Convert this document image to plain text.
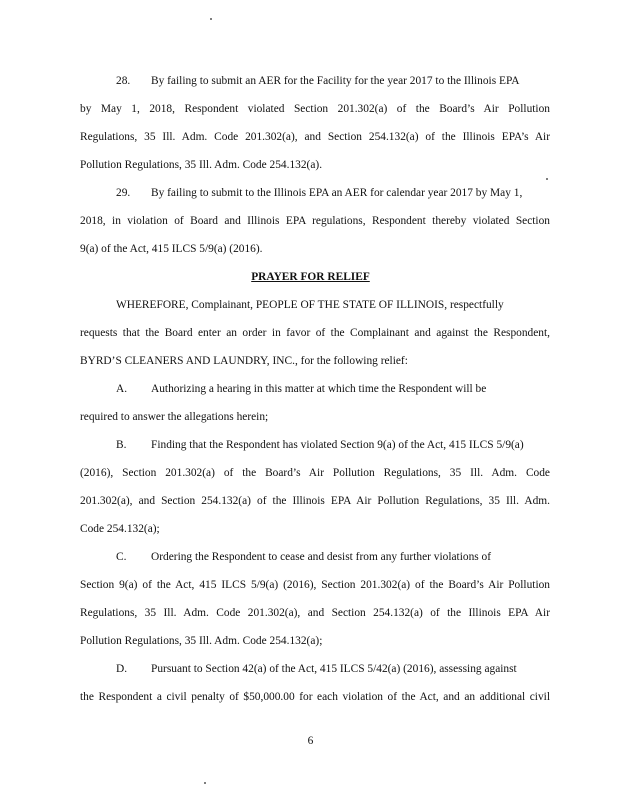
28. By failing to submit an AER for the Facility for the year 2017 to the Illinois EPA
by May 1, 2018, Respondent violated Section 201.302(a) of the Board’s Air Pollution
Regulations, 35 Ill. Adm. Code 201.302(a), and Section 254.132(a) of the Illinois EPA’s Air
Pollution Regulations, 35 Ill. Adm. Code 254.132(a).
29. By failing to submit to the Illinois EPA an AER for calendar year 2017 by May 1,
2018, in violation of Board and Illinois EPA regulations, Respondent thereby violated Section
9(a) of the Act, 415 ILCS 5/9(a) (2016).
PRAYER FOR RELIEF
WHEREFORE, Complainant, PEOPLE OF THE STATE OF ILLINOIS, respectfully
requests that the Board enter an order in favor of the Complainant and against the Respondent,
BYRD’S CLEANERS AND LAUNDRY, INC., for the following relief:
A. Authorizing a hearing in this matter at which time the Respondent will be
required to answer the allegations herein;
B. Finding that the Respondent has violated Section 9(a) of the Act, 415 ILCS 5/9(a)
(2016), Section 201.302(a) of the Board’s Air Pollution Regulations, 35 Ill. Adm. Code
201.302(a), and Section 254.132(a) of the Illinois EPA Air Pollution Regulations, 35 Ill. Adm.
Code 254.132(a);
C. Ordering the Respondent to cease and desist from any further violations of
Section 9(a) of the Act, 415 ILCS 5/9(a) (2016), Section 201.302(a) of the Board’s Air Pollution
Regulations, 35 Ill. Adm. Code 201.302(a), and Section 254.132(a) of the Illinois EPA Air
Pollution Regulations, 35 Ill. Adm. Code 254.132(a);
D. Pursuant to Section 42(a) of the Act, 415 ILCS 5/42(a) (2016), assessing against
the Respondent a civil penalty of $50,000.00 for each violation of the Act, and an additional civil
6
